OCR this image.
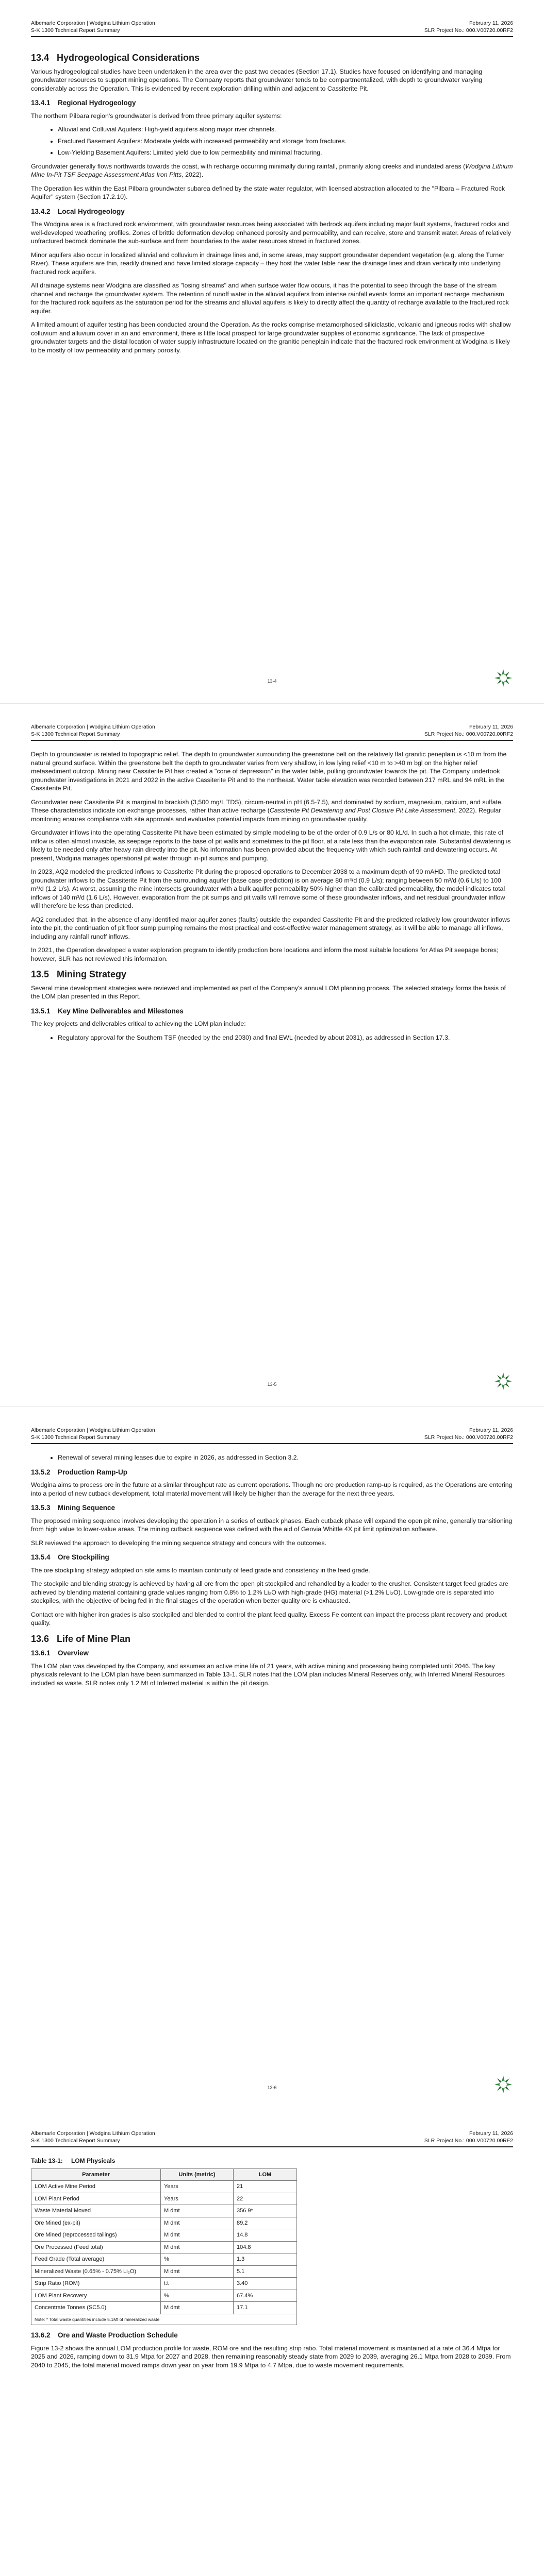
Albemarle Corporation | Wodgina Lithium Operation
S-K 1300 Technical Report Summary
February 11, 2026
SLR Project No.: 000.V00720.00RF2
13.4 Hydrogeological Considerations

Various hydrogeological studies have been undertaken in the area over the past two decades (Section 17.1). Studies have focused on identifying and managing groundwater resources to support mining operations. The Company reports that groundwater tends to be compartmentalized, with depth to groundwater varying considerably across the Operation. This is evidenced by recent exploration drilling within and adjacent to Cassiterite Pit.

13.4.1 Regional Hydrogeology

The northern Pilbara region's groundwater is derived from three primary aquifer systems:

• Alluvial and Colluvial Aquifers: High-yield aquifers along major river channels.
• Fractured Basement Aquifers: Moderate yields with increased permeability and storage from fractures.
• Low-Yielding Basement Aquifers: Limited yield due to low permeability and minimal fracturing.

Groundwater generally flows northwards towards the coast, with recharge occurring minimally during rainfall, primarily along creeks and inundated areas (Wodgina Lithium Mine In-Pit TSF Seepage Assessment Atlas Iron Pitts, 2022).

The Operation lies within the East Pilbara groundwater subarea defined by the state water regulator, with licensed abstraction allocated to the "Pilbara – Fractured Rock Aquifer" system (Section 17.2.10).

13.4.2 Local Hydrogeology

The Wodgina area is a fractured rock environment, with groundwater resources being associated with bedrock aquifers including major fault systems, fractured rocks and well-developed weathering profiles. Zones of brittle deformation develop enhanced porosity and permeability, and can receive, store and transmit water. Areas of relatively unfractured bedrock dominate the sub-surface and form boundaries to the water resources stored in fractured zones.

Minor aquifers also occur in localized alluvial and colluvium in drainage lines and, in some areas, may support groundwater dependent vegetation (e.g. along the Turner River). These aquifers are thin, readily drained and have limited storage capacity – they host the water table near the drainage lines and drain vertically into underlying fractured rock aquifers.

All drainage systems near Wodgina are classified as "losing streams" and when surface water flow occurs, it has the potential to seep through the base of the stream channel and recharge the groundwater system. The retention of runoff water in the alluvial aquifers from intense rainfall events forms an important recharge mechanism for the fractured rock aquifers as the saturation period for the streams and alluvial aquifers is likely to directly affect the quantity of recharge available to the fractured rock aquifer.

A limited amount of aquifer testing has been conducted around the Operation. As the rocks comprise metamorphosed siliciclastic, volcanic and igneous rocks with shallow colluvium and alluvium cover in an arid environment, there is little local prospect for large groundwater supplies of economic significance. The lack of prospective groundwater targets and the distal location of water supply infrastructure located on the granitic peneplain indicate that the fractured rock environment at Wodgina is likely to be mostly of low permeability and primary porosity.

13-4
Albemarle Corporation | Wodgina Lithium Operation
S-K 1300 Technical Report Summary
February 11, 2026
SLR Project No.: 000.V00720.00RF2

Depth to groundwater is related to topographic relief. The depth to groundwater surrounding the greenstone belt on the relatively flat granitic peneplain is <10 m from the natural ground surface. Within the greenstone belt the depth to groundwater varies from very shallow, in low lying relief <10 m to >40 m bgl on the higher relief metasediment outcrop. Mining near Cassiterite Pit has created a "cone of depression" in the water table, pulling groundwater towards the pit. The Company undertook groundwater investigations in 2021 and 2022 in the active Cassiterite Pit and to the northeast. Water table elevation was recorded between 217 mRL and 94 mRL in the Cassiterite Pit.

Groundwater near Cassiterite Pit is marginal to brackish (3,500 mg/L TDS), circum-neutral in pH (6.5-7.5), and dominated by sodium, magnesium, calcium, and sulfate. These characteristics indicate ion exchange processes, rather than active recharge (Cassiterite Pit Dewatering and Post Closure Pit Lake Assessment, 2022). Regular monitoring ensures compliance with site approvals and evaluates potential impacts from mining on groundwater quality.

Groundwater inflows into the operating Cassiterite Pit have been estimated by simple modeling to be of the order of 0.9 L/s or 80 kL/d. In such a hot climate, this rate of inflow is often almost invisible, as seepage reports to the base of pit walls and sometimes to the pit floor, at a rate less than the evaporation rate. Substantial dewatering is likely to be needed only after heavy rain directly into the pit. No information has been provided about the frequency with which such rainfall and dewatering occurs. At present, Wodgina manages operational pit water through in-pit sumps and pumping.

In 2023, AQ2 modeled the predicted inflows to Cassiterite Pit during the proposed operations to December 2038 to a maximum depth of 90 mAHD. The predicted total groundwater inflows to the Cassiterite Pit from the surrounding aquifer (base case prediction) is on average 80 m³/d (0.9 L/s); ranging between 50 m³/d (0.6 L/s) to 100 m³/d (1.2 L/s). At worst, assuming the mine intersects groundwater with a bulk aquifer permeability 50% higher than the calibrated permeability, the model indicates total inflows of 140 m³/d (1.6 L/s). However, evaporation from the pit sumps and pit walls will remove some of these groundwater inflows, and net residual groundwater inflow will therefore be less than predicted.

AQ2 concluded that, in the absence of any identified major aquifer zones (faults) outside the expanded Cassiterite Pit and the predicted relatively low groundwater inflows into the pit, the continuation of pit floor sump pumping remains the most practical and cost-effective water management strategy, as it will be able to manage all inflows, including any rainfall runoff inflows.

In 2021, the Operation developed a water exploration program to identify production bore locations and inform the most suitable locations for Atlas Pit seepage bores; however, SLR has not reviewed this information.

13.5 Mining Strategy

Several mine development strategies were reviewed and implemented as part of the Company's annual LOM planning process. The selected strategy forms the basis of the LOM plan presented in this Report.

13.5.1 Key Mine Deliverables and Milestones

The key projects and deliverables critical to achieving the LOM plan include:

• Regulatory approval for the Southern TSF (needed by the end 2030) and final EWL (needed by about 2031), as addressed in Section 17.3.
13-5
Albemarle Corporation | Wodgina Lithium Operation
S-K 1300 Technical Report Summary
February 11, 2026
SLR Project No.: 000.V00720.00RF2
• Renewal of several mining leases due to expire in 2026, as addressed in Section 3.2.
13.5.2 Production Ramp-Up

Wodgina aims to process ore in the future at a similar throughput rate as current operations. Though no ore production ramp-up is required, as the Operations are entering into a period of new cutback development, total material movement will likely be higher than the average for the next three years.

13.5.3 Mining Sequence

The proposed mining sequence involves developing the operation in a series of cutback phases. Each cutback phase will expand the open pit mine, generally transitioning from high value to lower-value areas. The mining cutback sequence was defined with the aid of Geovia Whittle 4X pit limit optimization software.

SLR reviewed the approach to developing the mining sequence strategy and concurs with the outcomes.

13.5.4 Ore Stockpiling

The ore stockpiling strategy adopted on site aims to maintain continuity of feed grade and consistency in the feed grade.

The stockpile and blending strategy is achieved by having all ore from the open pit stockpiled and rehandled by a loader to the crusher. Consistent target feed grades are achieved by blending material containing grade values ranging from 0.8% to 1.2% Li₂O with high-grade (HG) material (>1.2% Li₂O). Low-grade ore is separated into stockpiles, with the objective of being fed in the final stages of the operation when better quality ore is exhausted.

Contact ore with higher iron grades is also stockpiled and blended to control the plant feed quality. Excess Fe content can impact the process plant recovery and product quality.

13.6 Life of Mine Plan
13.6.1 Overview

The LOM plan was developed by the Company, and assumes an active mine life of 21 years, with active mining and processing being completed until 2046. The key physicals relevant to the LOM plan have been summarized in Table 13-1. SLR notes that the LOM plan includes Mineral Reserves only, with Inferred Mineral Resources included as waste. SLR notes only 1.2 Mt of Inferred material is within the pit design.

13-6
Albemarle Corporation | Wodgina Lithium Operation
S-K 1300 Technical Report Summary
February 11, 2026
SLR Project No.: 000.V00720.00RF2
Table 13-1: LOM Physicals
Parameter	Units (metric)	LOM
LOM Active Mine Period	Years	21
LOM Plant Period	Years	22
Waste Material Moved	M dmt	356.9*
Ore Mined (ex-pit)	M dmt	89.2
Ore Mined (reprocessed tailings)	M dmt	14.8
Ore Processed (Feed total)	M dmt	104.8
Feed Grade (Total average)	%	1.3
Mineralized Waste (0.65% - 0.75% Li₂O)	M dmt	5.1
Strip Ratio (ROM)	t:t	3.40
LOM Plant Recovery	%	67.4%
Concentrate Tonnes (SC5.0)	M dmt	17.1
Note: * Total waste quantities include 5.1Mt of mineralized waste		
13.6.2 Ore and Waste Production Schedule

Figure 13-2 shows the annual LOM production profile for waste, ROM ore and the resulting strip ratio. Total material movement is maintained at a rate of 36.4 Mtpa for 2025 and 2026, ramping down to 31.9 Mtpa for 2027 and 2028, then remaining reasonably steady state from 2029 to 2039, averaging 26.1 Mtpa from 2028 to 2039. From 2040 to 2045, the total material moved ramps down year on year from 19.9 Mtpa to 4.7 Mtpa, due to waste movement requirements.
